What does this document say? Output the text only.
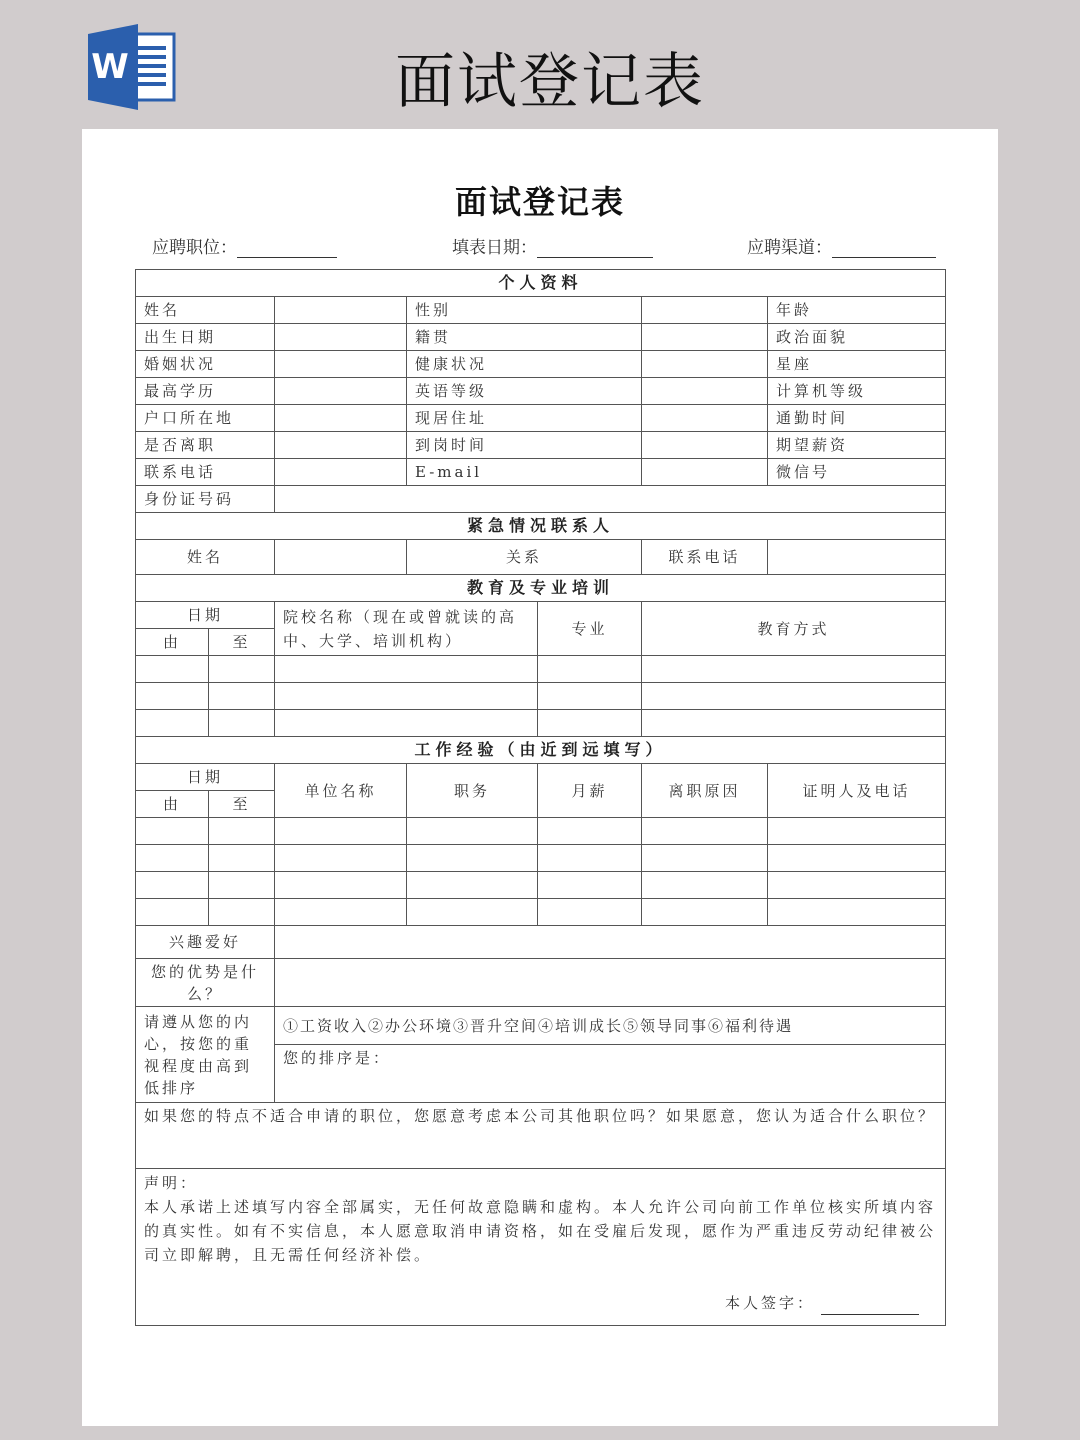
W	面试登记表
面试登记表
应聘职位：	填表日期：	应聘渠道：
个人资料						
姓名			性别			年龄
出生日期			籍贯			政治面貌
婚姻状况			健康状况			星座
最高学历			英语等级			计算机等级
户口所在地			现居住址			通勤时间
是否离职			到岗时间			期望薪资
联系电话			E-mail			微信号
身份证号码						
紧急情况联系人						
姓名			关系		联系电话	
教育及专业培训						
日期		院校名称（现在或曾就读的高中、大学、培训机构）		专业	教育方式	
由	至					

工作经验（由近到远填写）						
日期		单位名称	职务	月薪	离职原因	证明人及电话
由	至					

兴趣爱好						
您的优势是什么？						
请遵从您的内心，按您的重视程度由高到低排序		①工资收入②办公环境③晋升空间④培训成长⑤领导同事⑥福利待遇				
		您的排序是：				
如果您的特点不适合申请的职位，您愿意考虑本公司其他职位吗？如果愿意，您认为适合什么职位？						

声明：
本人承诺上述填写内容全部属实，无任何故意隐瞒和虚构。本人允许公司向前工作单位核实所填内容的真实性。如有不实信息，本人愿意取消申请资格，如在受雇后发现，愿作为严重违反劳动纪律被公司立即解聘，且无需任何经济补偿。
本人签字：						
